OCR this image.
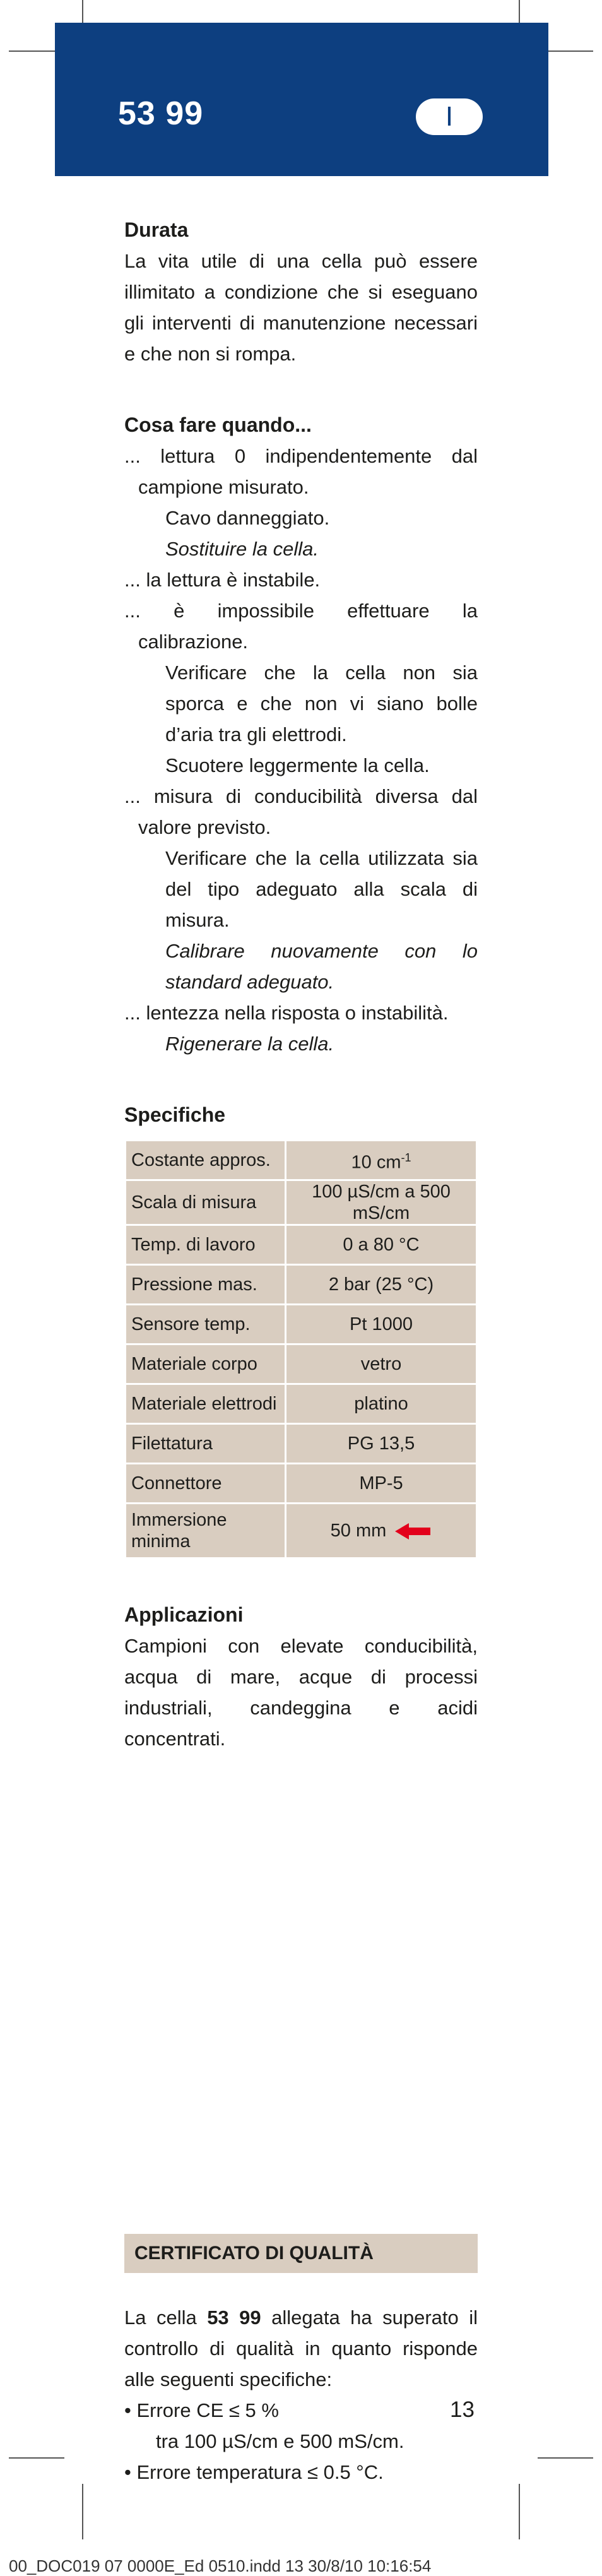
53 99	I

Durata

La vita utile di una cella può essere illimitato a condizione che si eseguano gli interventi di manutenzione necessari e che non si rompa.

Cosa fare quando...

... lettura 0 indipendentemente dal campione misurato.

Cavo danneggiato.

Sostituire la cella.

... la lettura è instabile.

... è impossibile effettuare la calibrazione.

Verificare che la cella non sia sporca e che non vi siano bolle d’aria tra gli elettrodi.

Scuotere leggermente la cella.

... misura di conducibilità diversa dal valore previsto.

Verificare che la cella utilizzata sia del tipo adeguato alla scala di misura.

Calibrare nuovamente con lo standard adeguato.

... lentezza nella risposta o instabilità.

Rigenerare la cella.

Specifiche

Costante appros.	10 $cm^{-1}$
Scala di misura	100 µS/cm a 500 mS/cm
Temp. di lavoro	0 a 80 °C
Pressione mas.	2 bar (25 °C)
Sensore temp.	Pt 1000
Materiale corpo	vetro
Materiale elettrodi	platino
Filettatura	PG 13,5
Connettore	MP-5
Immersione minima	50 mm

Applicazioni

Campioni con elevate conducibilità, acqua di mare, acque di processi industriali, candeggina e acidi concentrati.

CERTIFICATO DI QUALITÀ

La cella 53 99 allegata ha superato il controllo di qualità in quanto risponde alle seguenti specifiche:

• Errore CE ≤ 5 %

tra 100 µS/cm e 500 mS/cm.

• Errore temperatura ≤ 0.5 °C.

13
00_DOC019 07 0000E_Ed 0510.indd 13 30/8/10 10:16:54
